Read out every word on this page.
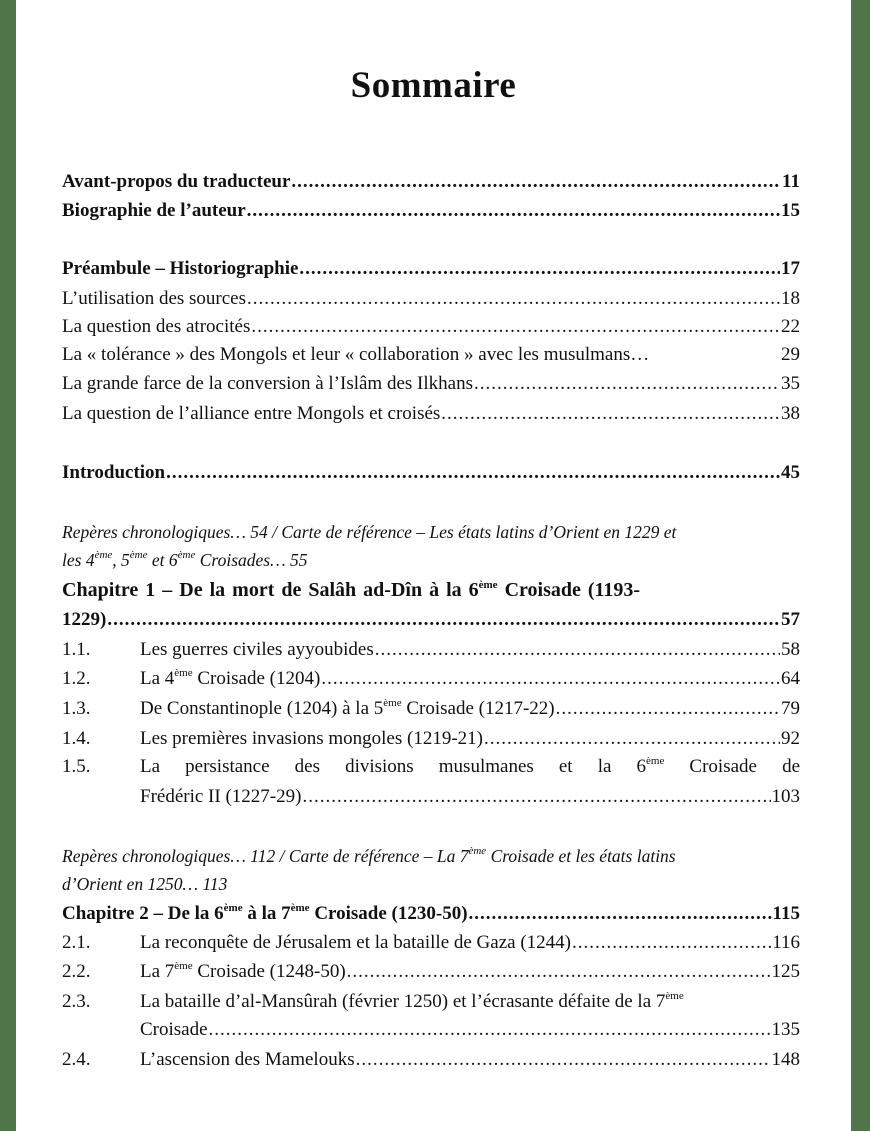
Sommaire
Avant-propos du traducteur .....	11
Biographie de l’auteur .....	15
Préambule – Historiographie .....	17
L’utilisation des sources .....	18
La question des atrocités .....	22
La « tolérance » des Mongols et leur « collaboration » avec les musulmans…	29
La grande farce de la conversion à l’Islâm des Ilkhans .....	35
La question de l’alliance entre Mongols et croisés .....	38
Introduction .....	45
Repères chronologiques… 54 / Carte de référence – Les états latins d’Orient en 1229 et
les 4ème, 5ème et 6ème Croisades… 55
Chapitre 1 – De la mort de Salâh ad-Dîn à la 6ème Croisade (1193-
1229) .....	57
1.1.	Les guerres civiles ayyoubides .....	58
1.2.	La 4ème Croisade (1204) .....	64
1.3.	De Constantinople (1204) à la 5ème Croisade (1217-22) .....	79
1.4.	Les premières invasions mongoles (1219-21) .....	92
1.5.	La persistance des divisions musulmanes et la 6ème Croisade de
Frédéric II (1227-29) .....	103
Repères chronologiques… 112 / Carte de référence – La 7ème Croisade et les états latins
d’Orient en 1250… 113
Chapitre 2 – De la 6ème à la 7ème Croisade (1230-50) .....	115
2.1.	La reconquête de Jérusalem et la bataille de Gaza (1244) .....	116
2.2.	La 7ème Croisade (1248-50) .....	125
2.3.	La bataille d’al-Mansûrah (février 1250) et l’écrasante défaite de la 7ème
Croisade .....	135
2.4.	L’ascension des Mamelouks .....	148
